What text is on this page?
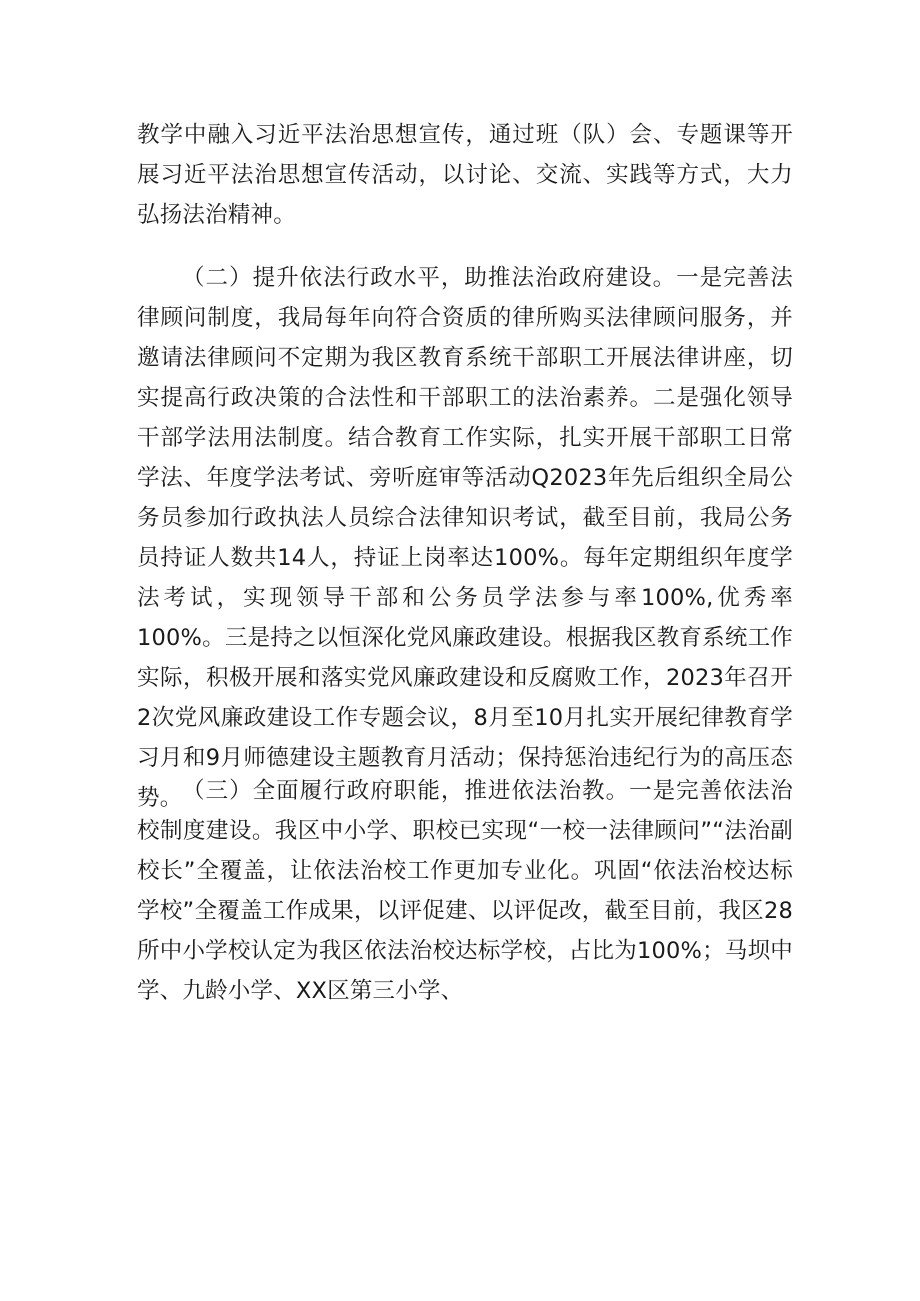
教学中融入习近平法治思想宣传，通过班（队）会、专题课等开展习近平法治思想宣传活动，以讨论、交流、实践等方式，大力弘扬法治精神。

（二）提升依法行政水平，助推法治政府建设。一是完善法律顾问制度，我局每年向符合资质的律所购买法律顾问服务，并邀请法律顾问不定期为我区教育系统干部职工开展法律讲座，切实提高行政决策的合法性和干部职工的法治素养。二是强化领导干部学法用法制度。结合教育工作实际，扎实开展干部职工日常学法、年度学法考试、旁听庭审等活动Q2023年先后组织全局公务员参加行政执法人员综合法律知识考试，截至目前，我局公务员持证人数共14人，持证上岗率达100%。每年定期组织年度学法考试，实现领导干部和公务员学法参与率100%,优秀率100%。三是持之以恒深化党风廉政建设。根据我区教育系统工作实际，积极开展和落实党风廉政建设和反腐败工作，2023年召开2次党风廉政建设工作专题会议，8月至10月扎实开展纪律教育学习月和9月师德建设主题教育月活动；保持惩治违纪行为的高压态势。 （三）全面履行政府职能，推进依法治教。一是完善依法治校制度建设。我区中小学、职校已实现“一校一法律顾问”“法治副校长”全覆盖，让依法治校工作更加专业化。巩固“依法治校达标学校”全覆盖工作成果，以评促建、以评促改，截至目前，我区28所中小学校认定为我区依法治校达标学校，占比为100%；马坝中学、九龄小学、XX区第三小学、
